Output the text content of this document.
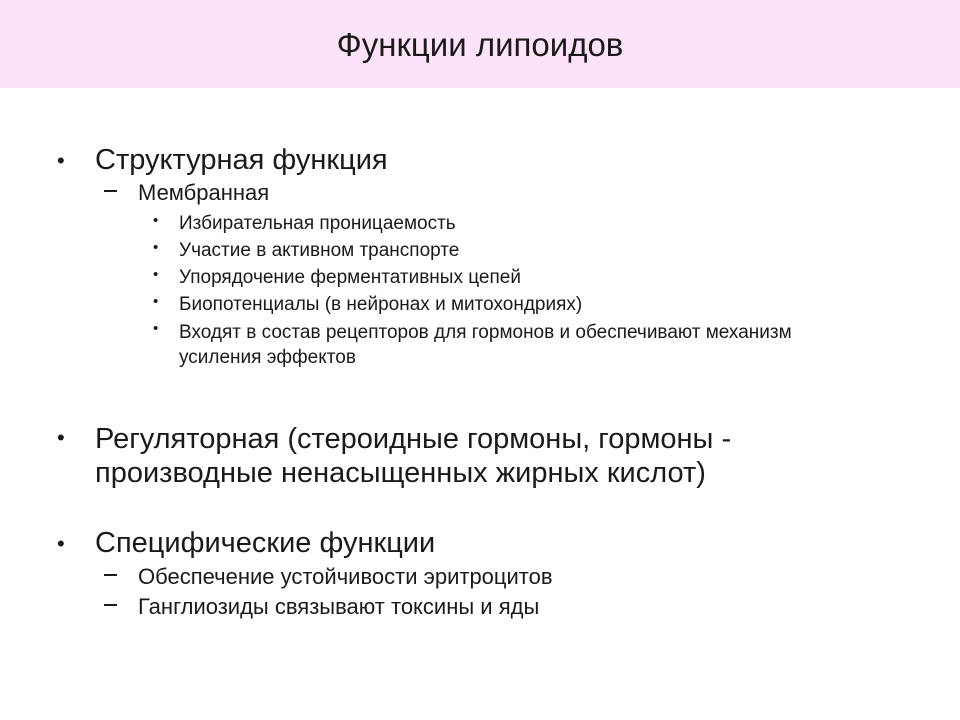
Функции липоидов
• Структурная функция

Мембранная

• Избирательная проницаемость

• Участие в активном транспорте

• Упорядочение ферментативных цепей

• Биопотенциалы (в нейронах и митохондриях)

• Входят в состав рецепторов для гормонов и обеспечивают механизм усиления эффектов

• Регуляторная (стероидные гормоны, гормоны - производные ненасыщенных жирных кислот)

• Специфические функции

Обеспечение устойчивости эритроцитов

Ганглиозиды связывают токсины и яды
